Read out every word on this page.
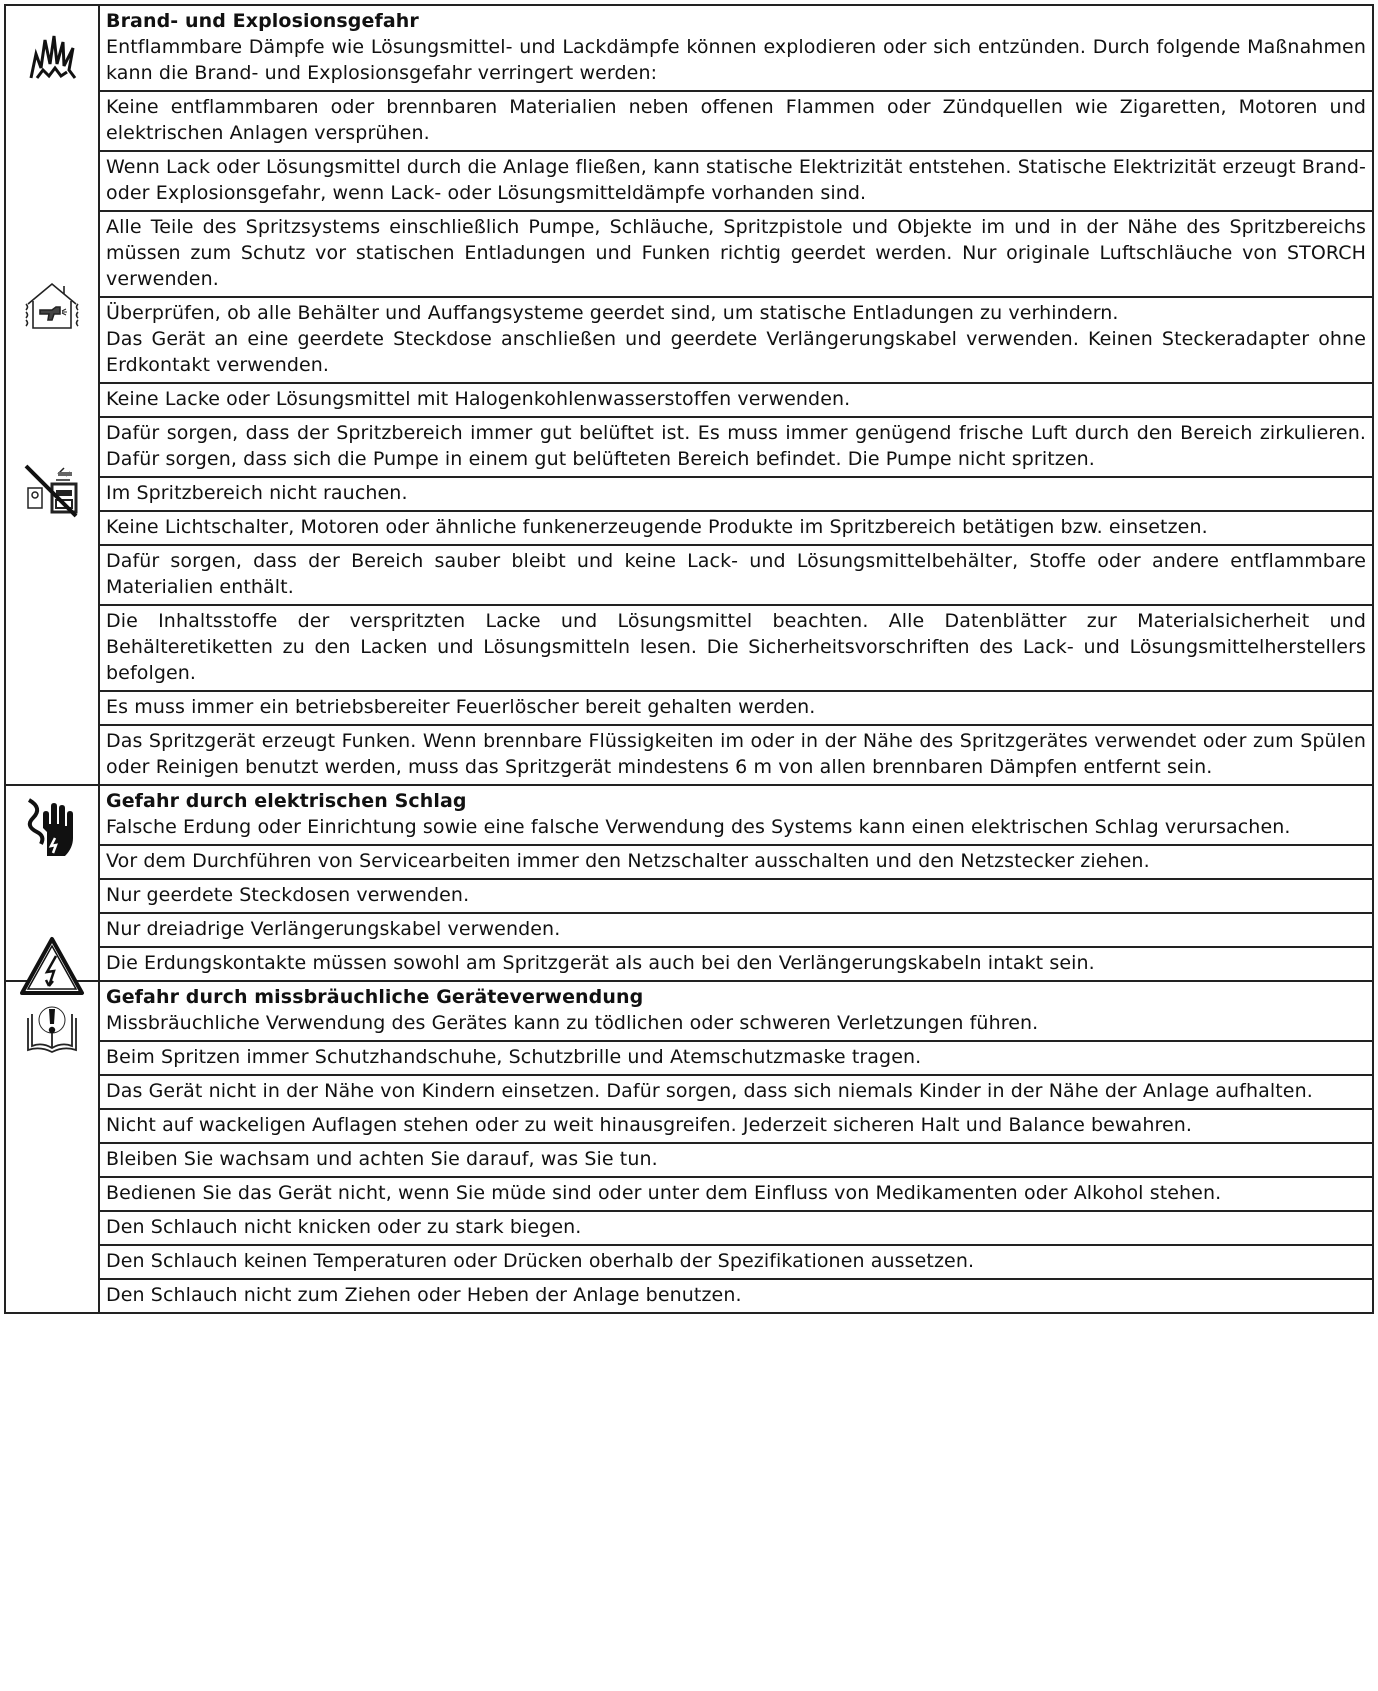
Brand- und Explosionsgefahr
Entflammbare Dämpfe wie Lösungsmittel- und Lackdämpfe können explodieren oder sich entzünden. Durch folgende Maßnahmen kann die Brand- und Explosionsgefahr verringert werden:

	Keine entflammbaren oder brennbaren Materialien neben offenen Flammen oder Zündquellen wie Zigaretten, Motoren und elektrischen Anlagen versprühen.
	Wenn Lack oder Lösungsmittel durch die Anlage fließen, kann statische Elektrizität entstehen. Statische Elektrizität erzeugt Brand- oder Explosionsgefahr, wenn Lack- oder Lösungsmitteldämpfe vorhanden sind.
	Alle Teile des Spritzsystems einschließlich Pumpe, Schläuche, Spritzpistole und Objekte im und in der Nähe des Spritzbereichs müssen zum Schutz vor statischen Entladungen und Funken richtig geerdet werden. Nur originale Luftschläuche von STORCH verwenden.

	Überprüfen, ob alle Behälter und Auffangsysteme geerdet sind, um statische Entladungen zu verhindern.
Das Gerät an eine geerdete Steckdose anschließen und geerdete Verlängerungskabel verwenden. Keinen Steckeradapter ohne Erdkontakt verwenden.

	Keine Lacke oder Lösungsmittel mit Halogenkohlenwasserstoffen verwenden.
	Dafür sorgen, dass der Spritzbereich immer gut belüftet ist. Es muss immer genügend frische Luft durch den Bereich zirkulieren. Dafür sorgen, dass sich die Pumpe in einem gut belüfteten Bereich befindet. Die Pumpe nicht spritzen.
	Im Spritzbereich nicht rauchen.
	Keine Lichtschalter, Motoren oder ähnliche funkenerzeugende Produkte im Spritzbereich betätigen bzw. einsetzen.
	Dafür sorgen, dass der Bereich sauber bleibt und keine Lack- und Lösungsmittelbehälter, Stoffe oder andere entflammbare Materialien enthält.
	Die Inhaltsstoffe der verspritzten Lacke und Lösungsmittel beachten. Alle Datenblätter zur Materialsicherheit und Behälteretiketten zu den Lacken und Lösungsmitteln lesen. Die Sicherheitsvorschriften des Lack- und Lösungsmittelherstellers befolgen.
	Es muss immer ein betriebsbereiter Feuerlöscher bereit gehalten werden.
	Das Spritzgerät erzeugt Funken. Wenn brennbare Flüssigkeiten im oder in der Nähe des Spritzgerätes verwendet oder zum Spülen oder Reinigen benutzt werden, muss das Spritzgerät mindestens 6 m von allen brennbaren Dämpfen entfernt sein.

Gefahr durch elektrischen Schlag
Falsche Erdung oder Einrichtung sowie eine falsche Verwendung des Systems kann einen elektrischen Schlag verursachen.

	Vor dem Durchführen von Servicearbeiten immer den Netzschalter ausschalten und den Netzstecker ziehen.
	Nur geerdete Steckdosen verwenden.
	Nur dreiadrige Verlängerungskabel verwenden.
	Die Erdungskontakte müssen sowohl am Spritzgerät als auch bei den Verlängerungskabeln intakt sein.

Gefahr durch missbräuchliche Geräteverwendung
Missbräuchliche Verwendung des Gerätes kann zu tödlichen oder schweren Verletzungen führen.

	Beim Spritzen immer Schutzhandschuhe, Schutzbrille und Atemschutzmaske tragen.
	Das Gerät nicht in der Nähe von Kindern einsetzen. Dafür sorgen, dass sich niemals Kinder in der Nähe der Anlage aufhalten.
	Nicht auf wackeligen Auflagen stehen oder zu weit hinausgreifen. Jederzeit sicheren Halt und Balance bewahren.
	Bleiben Sie wachsam und achten Sie darauf, was Sie tun.
	Bedienen Sie das Gerät nicht, wenn Sie müde sind oder unter dem Einfluss von Medikamenten oder Alkohol stehen.
	Den Schlauch nicht knicken oder zu stark biegen.
	Den Schlauch keinen Temperaturen oder Drücken oberhalb der Spezifikationen aussetzen.
	Den Schlauch nicht zum Ziehen oder Heben der Anlage benutzen.
